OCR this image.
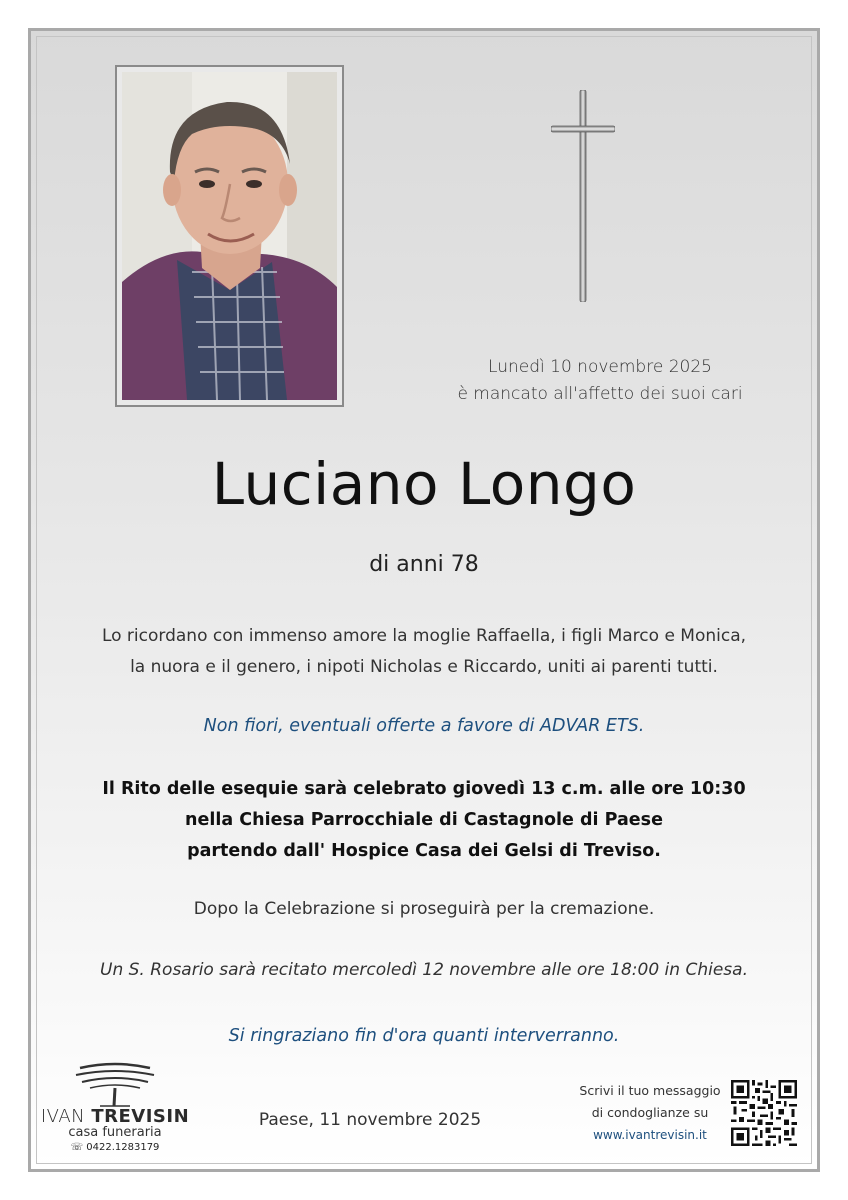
Lunedì 10 novembre 2025
è mancato all'affetto dei suoi cari
Luciano Longo
di anni 78
Lo ricordano con immenso amore la moglie Raffaella, i figli Marco e Monica,
la nuora e il genero, i nipoti Nicholas e Riccardo, uniti ai parenti tutti.
Non fiori, eventuali offerte a favore di ADVAR ETS.
Il Rito delle esequie sarà celebrato giovedì 13 c.m. alle ore 10:30
nella Chiesa Parrocchiale di Castagnole di Paese
partendo dall' Hospice Casa dei Gelsi di Treviso.
Dopo la Celebrazione si proseguirà per la cremazione.
Un S. Rosario sarà recitato mercoledì 12 novembre alle ore 18:00 in Chiesa.
Si ringraziano fin d'ora quanti interverranno.
IVAN TREVISIN
casa funeraria
☏ 0422.1283179
Paese, 11 novembre 2025
Scrivi il tuo messaggio
di condoglianze su
www.ivantrevisin.it
